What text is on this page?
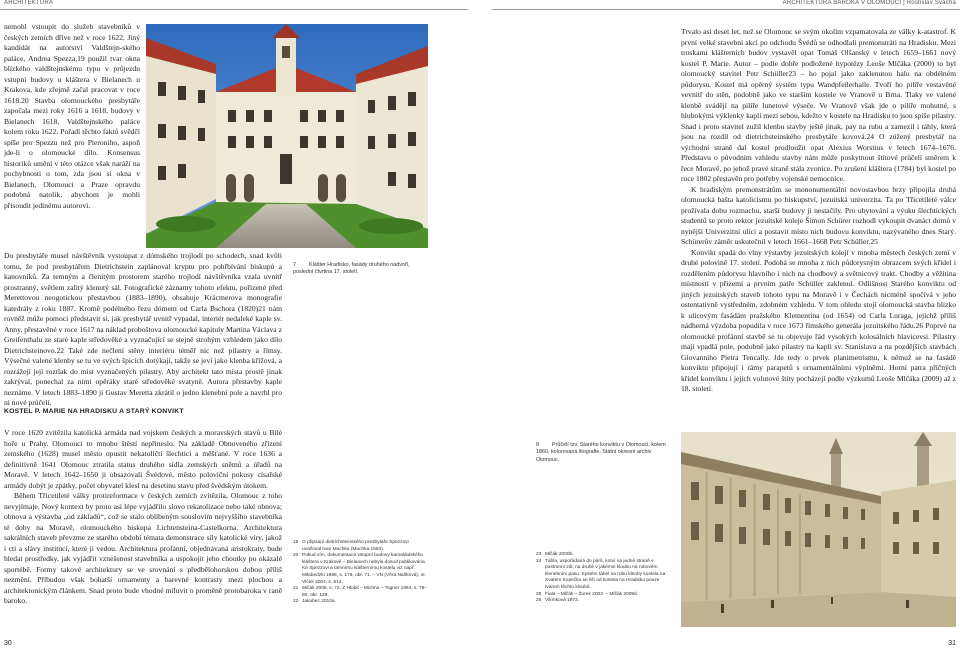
ARCHITEKTURA	ARCHITEKTURA BAROKA V OLOMOUCI | Rostislav Švácha

nemohl vstoupit do služeb stavebníků v českých zemích dříve než v roce 1622. Jiný kandidát na autorství Valdštejn-ského paláce, Andrea Spezza,19 použil tvar okna blízkého valdštejnskému typu v průjezdu vstupní budovy u kláštera v Bielanech u Krakova, kde zřejmě začal pracovat v roce 1618.20 Stavba olomouckého presbytáře započala mezi roky 1616 a 1618, budovy v Bielanech 1618, Valdštejnského paláce kolem roku 1622. Pořadí těchto faktů svědčí spíše pro Spezzu než pro Pieroniho, aspoň jde-li o olomoucké dílo. Konsensus historiků umění v této otázce však naráží na pochybnosti o tom, zda jsou si okna v Bielanech, Olomouci a Praze opravdu podobná natolik, abychom je mohli přisoudit jedinému autorovi.

Do presbytáře musel návštěvník vystoupat z dómského trojlodí po schodech, snad kvůli tomu, že pod presbytářem Dietrichstein zaplánoval kryptu pro pohřbívání biskupů a kanovníků. Za temným a členitým prostorem starého trojlodí návštěvníka vzala uvnitř prostranný, světlem zalitý klenutý sál. Fotografické záznamy tohoto efektu, pořízené před Merettovou neogotickou přestavbou (1883–1890), obsahuje Krácmerova monografie katedrály z roku 1887. Kromě podélného řezu dómem od Carla Bschora (1820)21 nám rovněž může pomoci představit si, jak presbytář uvnitř vypadal, interiér nedaleké kaple sv. Anny, přestavěné v roce 1617 na náklad proboštova olomoucké kapituly Martina Václava z Greifenthalu ze staré kaple středověké a vyznačující se stejně strohým vzhledem jako dílo Dietrichsteinovo.22 Také zde nečlení stěny interiéru téměř nic než pilastry a římsy. Výsečné valené klenby se tu ve svých špicích dotýkají, takže se jeví jako klenba křížová, a rozrážejí její roztlak do mist vyznačených pilastry. Aby architekt tato místa prostě jinak zakrýval, ponechal za nimi opěráky staré středověké svatyně. Autora přestavby kaple neznáme. V letech 1883–1890 ji Gustav Meretta zkrátil o jedno klenební pole a navrhl pro ni nové průčelí.

7 Klášter Hradisko, fasády druhého nádvoří, poslední čtvrtina 17. století.
KOSTEL P. MARIE NA HRADISKU A STARÝ KONVIKT

V roce 1620 zvítězila katolická armáda nad vojskem českých a moravských stavů u Bílé hoře u Prahy. Olomouci to mnoho štěstí nepřineslo. Na základě Obnoveného zřízení zemského (1628) musel město opustit nekatoličtí šlechtici a měšťané. V roce 1636 a definitivně 1641 Olomouc ztratila status druhého sídla zemských sněmů a úřadů na Moravě. V letech 1642–1650 ji obsazovali Švédové, město poloviční pokusy císařské armády dobýt je zpátky, počet obyvatel klesl na desetinu stavu před švédským útokem.

Během Třicetileté války protireformace v českých zemích zvítězila, Olomouc z toho nevyjímaje. Nový kontext by proto asi lépe vyjádřilo slovo rekatolizace nebo také obnova; obnova a výstavba „od základů“, což se stalo oblíbeným souslovím nejvyššího stavebníka té doby na Moravě, olomouckého biskupa Lichtensteina-Castelkorna. Architektura sakrálních staveb převzme ze starého období témata demonstrace síly katolické víry, jakož i cti a slávy institucí, které ji vedou. Architektura profánní, objednávaná aristokraty, bude hledat prostředky, jak vyjádřit vznešenost stavebníka a uspokojit jeho choutky po okázalé sportébě. Formy takové architektury se ve srovnání s předbělohorskou dobou příliš nezmění. Příbudou však bohatší ornamenty a barevné kontrasty mezi plochou a architektonickým článkem. Snad proto bude vhodné míluvit o proměně protobaroka v raně baroko.

19 O připsání dietrichsteinského presbytáře Spezzovi uvažoval Ivan Muchka (Muchka 1983).
20 Pokud vím, dokumentace vstupní budovy kamaldulského kláštera v Krakově – Bielanech nebyla dosud publikována. Ke Spezzovi a tamnímu klášternímu kostelu viz např. Miłobedzki 1988, s. 176, obr. 71. – VN (Věra Naňková), in: Vlček 2004, s. 612.
21 Mičák 2008, s. 72. Z Hlobil – Michna – Togner 1984, s. 79–80, obr. 128.
22 Jakubec 2010a.
30

Trvalo asi deset let, než se Olomouc se svým okolím vzpamatovala ze války k-atastrof. K první velké stavební akci po odchodu Švédů se odhodlali premonstráti na Hradisku. Mezi troskami klášterních budov vystavěl opat Tomáš Olšanský v letech 1659–1661 nový kostel P. Marie. Autor – podle dobře podložené hypotézy Leoše Mlčáka (2000) to byl olomoucký stavitel Petr Schüller23 – ho pojal jako zaklenutou halu na obdélném půdorysu. Kostel má opěrný systém typu Wandpfeilerhalle. Tvoří ho pilíře vestavěné vevnitř do stěn, podobně jako ve starším kostele ve Vranově u Brna. Tlaky ve valené klenbě svádějí na pilíře lunetové výseče. Ve Vranově však jde o pilíře mohutné, s hlubokými výklenky kaplí mezi sebou, kdežto v kostele na Hradisku to jsou spíše pilastry. Snad i proto stavitel zužil klenbu stavby ještě jinak, pay na rubu a zamezil i táhly, která jsou na rozdíl od dietrichsteinského presbytáře kovová.24 O zúžený presbytář na východní straně dal kostel prodloužit opat Alexius Worstius v letech 1674–1676. Představu o původním vzhledu stavby nám může poskytnout štítové průčelí směrem k řece Moravě, po jehož pravé straně stála zvonice. Po zrušení kláštera (1784) byl kostel po roce 1802 přestavěn pro potřeby vojenské nemocnice.

K hradiským premonstrátům se mononumentální novostavbou brzy připojila druhá olomoucká bašta katolicismu po biskupství, jezuitská univerzita. Ta po Třicetileté válce prožívala dobu rozmachu, starší budovy ji nestačily. Pro ubytování a výuku šlechtických studentů se proto rektor jezuitské koleje Šimon Schürer rozhodl vykoupit dvanáct domů v nynější Univerzitní ulici a postavit místo nich budovu konviktu, nazývaného dnes Starý. Schürerův záměr uskutečnil v letech 1661–1668 Petr Schüller.25

Konvikt spadá do vlny výstavby jezuitských kolejí v mnoha městech českých zemí v druhé polovině 17. století. Podobá se mnoha z nich půdorysným obrazcem svých křídel i rozdělením půdorysu hlavního i nich na chodbový a světnicový trakt. Chodby a věžitina místností v přízemí a prvním patře Schüller zaklenul. Odlišnost Starého konviktu od jiných jezuitských staveb tohoto typu na Moravě i v Čechách nicméně spočívá v jeho ostentativně vystředném, zdobném vzhledu. V tom ohledu stojí olomoucká stavba blízko k ulicovým fasádám pražského Klementina (od 1654) od Carla Luraga, jejichž příliš nádherná výzdoba popudila v roce 1673 římského generála jezuitského řádu.26 Poprvé na olomoucké profánní stavbě se tu objevuje řád vysokých kolosálních hlavicevsi. Pilastry mají vpadlá pole, podobně jako pilastry na kapli sv. Stanislava a na pozdějších stavbách Giovanniho Pietra Tencally. Jde tedy o prvek planimetrismu, k němuž se na fasádě konviktu připojují i rámy parapetů s ornamentálními výplněmi. Horní patra příčných křídel konviktu i jejich volutové štíty pocházejí podle výzkumů Leoše Mlčáka (2009) až z 18. století.

8 Průčelí tzv. Starého konviktu v Olomouci, kolem 1860, kolorovaná litografie. Státní okresní archiv Olomouc.
23 Mlčák 2000b.
24 Táhla, uspořádaná do párů, kotví na jedné straně v postranní zdi, na druhé v jakémsi kloubu na rubovém klenebním pasu. Systém táhel na rubu klenby kostela na Svatém Kopečku se liší od kostela na Hradisku pouze tvarem těchto kloubů.
25 Fiala – Mlčák – Žurek 2002. – Mlčák 2009d.
26 Vilímková 1973.
31
